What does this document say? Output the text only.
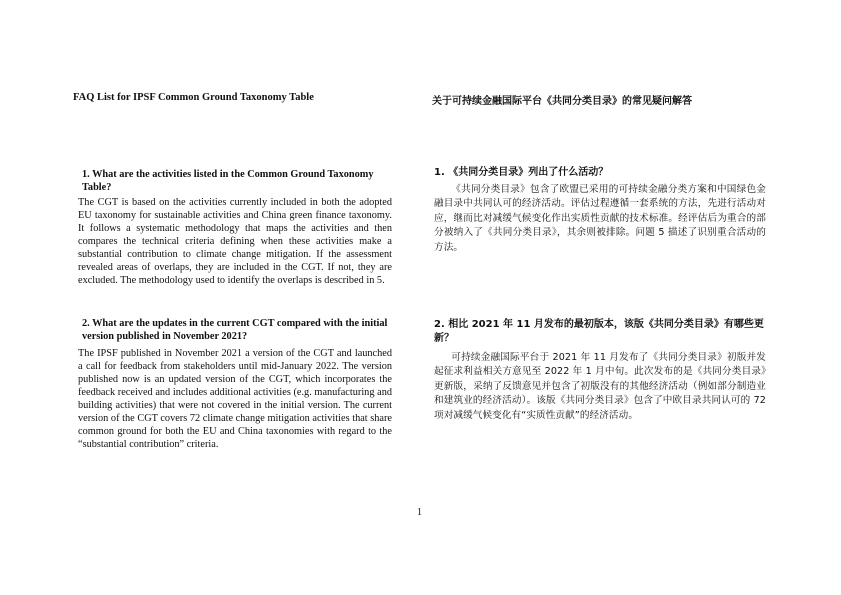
FAQ List for IPSF Common Ground Taxonomy Table	关于可持续金融国际平台《共同分类目录》的常见疑问解答
1. What are the activities listed in the Common Ground Taxonomy Table?
The CGT is based on the activities currently included in both the adopted EU taxonomy for sustainable activities and China green finance taxonomy. It follows a systematic methodology that maps the activities and then compares the technical criteria defining when these activities make a substantial contribution to climate change mitigation. If the assessment revealed areas of overlaps, they are included in the CGT. If not, they are excluded. The methodology used to identify the overlaps is described in 5.
1. 《共同分类目录》列出了什么活动？
《共同分类目录》包含了欧盟已采用的可持续金融分类方案和中国绿色金融目录中共同认可的经济活动。评估过程遵循一套系统的方法，先进行活动对应，继而比对减缓气候变化作出实质性贡献的技术标准。经评估后为重合的部分被纳入了《共同分类目录》，其余则被排除。问题 5 描述了识别重合活动的方法。
2. What are the updates in the current CGT compared with the initial version published in November 2021?
The IPSF published in November 2021 a version of the CGT and launched a call for feedback from stakeholders until mid-January 2022. The version published now is an updated version of the CGT, which incorporates the feedback received and includes additional activities (e.g. manufacturing and building activities) that were not covered in the initial version. The current version of the CGT covers 72 climate change mitigation activities that share common ground for both the EU and China taxonomies with regard to the “substantial contribution” criteria.
2. 相比 2021 年 11 月发布的最初版本，该版《共同分类目录》有哪些更新？
可持续金融国际平台于 2021 年 11 月发布了《共同分类目录》初版并发起征求利益相关方意见至 2022 年 1 月中旬。此次发布的是《共同分类目录》更新版，采纳了反馈意见并包含了初版没有的其他经济活动（例如部分制造业和建筑业的经济活动）。该版《共同分类目录》包含了中欧目录共同认可的 72 项对减缓气候变化有“实质性贡献”的经济活动。
1
